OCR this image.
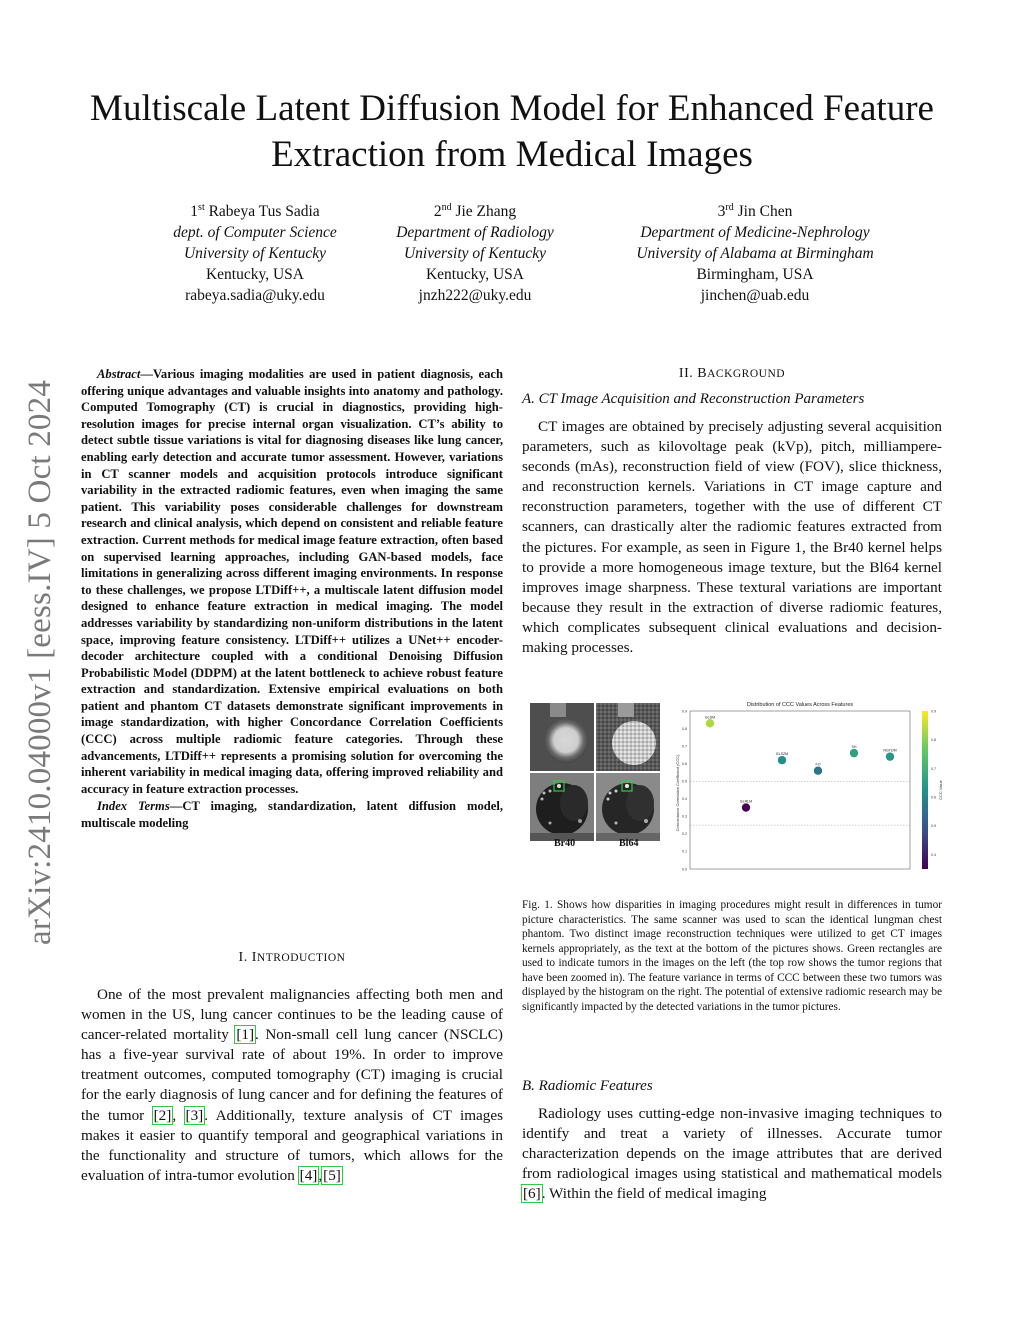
arXiv:2410.04000v1 [eess.IV] 5 Oct 2024
Multiscale Latent Diffusion Model for Enhanced Feature Extraction from Medical Images
1st Rabeya Tus Sadia
dept. of Computer Science
University of Kentucky
Kentucky, USA
rabeya.sadia@uky.edu
2nd Jie Zhang
Department of Radiology
University of Kentucky
Kentucky, USA
jnzh222@uky.edu
3rd Jin Chen
Department of Medicine-Nephrology
University of Alabama at Birmingham
Birmingham, USA
jinchen@uab.edu

Abstract—Various imaging modalities are used in patient diagnosis, each offering unique advantages and valuable insights into anatomy and pathology. Computed Tomography (CT) is crucial in diagnostics, providing high-resolution images for precise internal organ visualization. CT’s ability to detect subtle tissue variations is vital for diagnosing diseases like lung cancer, enabling early detection and accurate tumor assessment. However, variations in CT scanner models and acquisition protocols introduce significant variability in the extracted radiomic features, even when imaging the same patient. This variability poses considerable challenges for downstream research and clinical analysis, which depend on consistent and reliable feature extraction. Current methods for medical image feature extraction, often based on supervised learning approaches, including GAN-based models, face limitations in generalizing across different imaging environments. In response to these challenges, we propose LTDiff++, a multiscale latent diffusion model designed to enhance feature extraction in medical imaging. The model addresses variability by standardizing non-uniform distributions in the latent space, improving feature consistency. LTDiff++ utilizes a UNet++ encoder-decoder architecture coupled with a conditional Denoising Diffusion Probabilistic Model (DDPM) at the latent bottleneck to achieve robust feature extraction and standardization. Extensive empirical evaluations on both patient and phantom CT datasets demonstrate significant improvements in image standardization, with higher Concordance Correlation Coefficients (CCC) across multiple radiomic feature categories. Through these advancements, LTDiff++ represents a promising solution for overcoming the inherent variability in medical imaging data, offering improved reliability and accuracy in feature extraction processes.

Index Terms—CT imaging, standardization, latent diffusion model, multiscale modeling

I. INTRODUCTION

One of the most prevalent malignancies affecting both men and women in the US, lung cancer continues to be the leading cause of cancer-related mortality [1]. Non-small cell lung cancer (NSCLC) has a five-year survival rate of about 19%. In order to improve treatment outcomes, computed tomography (CT) imaging is crucial for the early diagnosis of lung cancer and for defining the features of the tumor [2], [3]. Additionally, texture analysis of CT images makes it easier to quantify temporal and geographical variations in the functionality and structure of tumors, which allows for the evaluation of intra-tumor evolution [4],[5]

II. BACKGROUND
A. CT Image Acquisition and Reconstruction Parameters

CT images are obtained by precisely adjusting several acquisition parameters, such as kilovoltage peak (kVp), pitch, milliampere-seconds (mAs), reconstruction field of view (FOV), slice thickness, and reconstruction kernels. Variations in CT image capture and reconstruction parameters, together with the use of different CT scanners, can drastically alter the radiomic features extracted from the pictures. For example, as seen in Figure 1, the Br40 kernel helps to provide a more homogeneous image texture, but the Bl64 kernel improves image sharpness. These textural variations are important because they result in the extraction of diverse radiomic features, which complicates subsequent clinical evaluations and decision-making processes.

Br40	Bl64
Distribution of CCC Values Across Features
Concordance Correlation Coefficient (CCC)
0.0
0.1
0.2
0.3
0.4
0.5
0.6
0.7
0.8
0.9
GLDM
GLRLM
GLSZM
FO
SH
NGTDM
0.4
0.5
0.6
0.7
0.8
0.9
CCC Value
Fig. 1. Shows how disparities in imaging procedures might result in differences in tumor picture characteristics. The same scanner was used to scan the identical lungman chest phantom. Two distinct image reconstruction techniques were utilized to get CT images kernels appropriately, as the text at the bottom of the pictures shows. Green rectangles are used to indicate tumors in the images on the left (the top row shows the tumor regions that have been zoomed in). The feature variance in terms of CCC between these two tumors was displayed by the histogram on the right. The potential of extensive radiomic research may be significantly impacted by the detected variations in the tumor pictures.
B. Radiomic Features

Radiology uses cutting-edge non-invasive imaging techniques to identify and treat a variety of illnesses. Accurate tumor characterization depends on the image attributes that are derived from radiological images using statistical and mathematical models [6]. Within the field of medical imaging
